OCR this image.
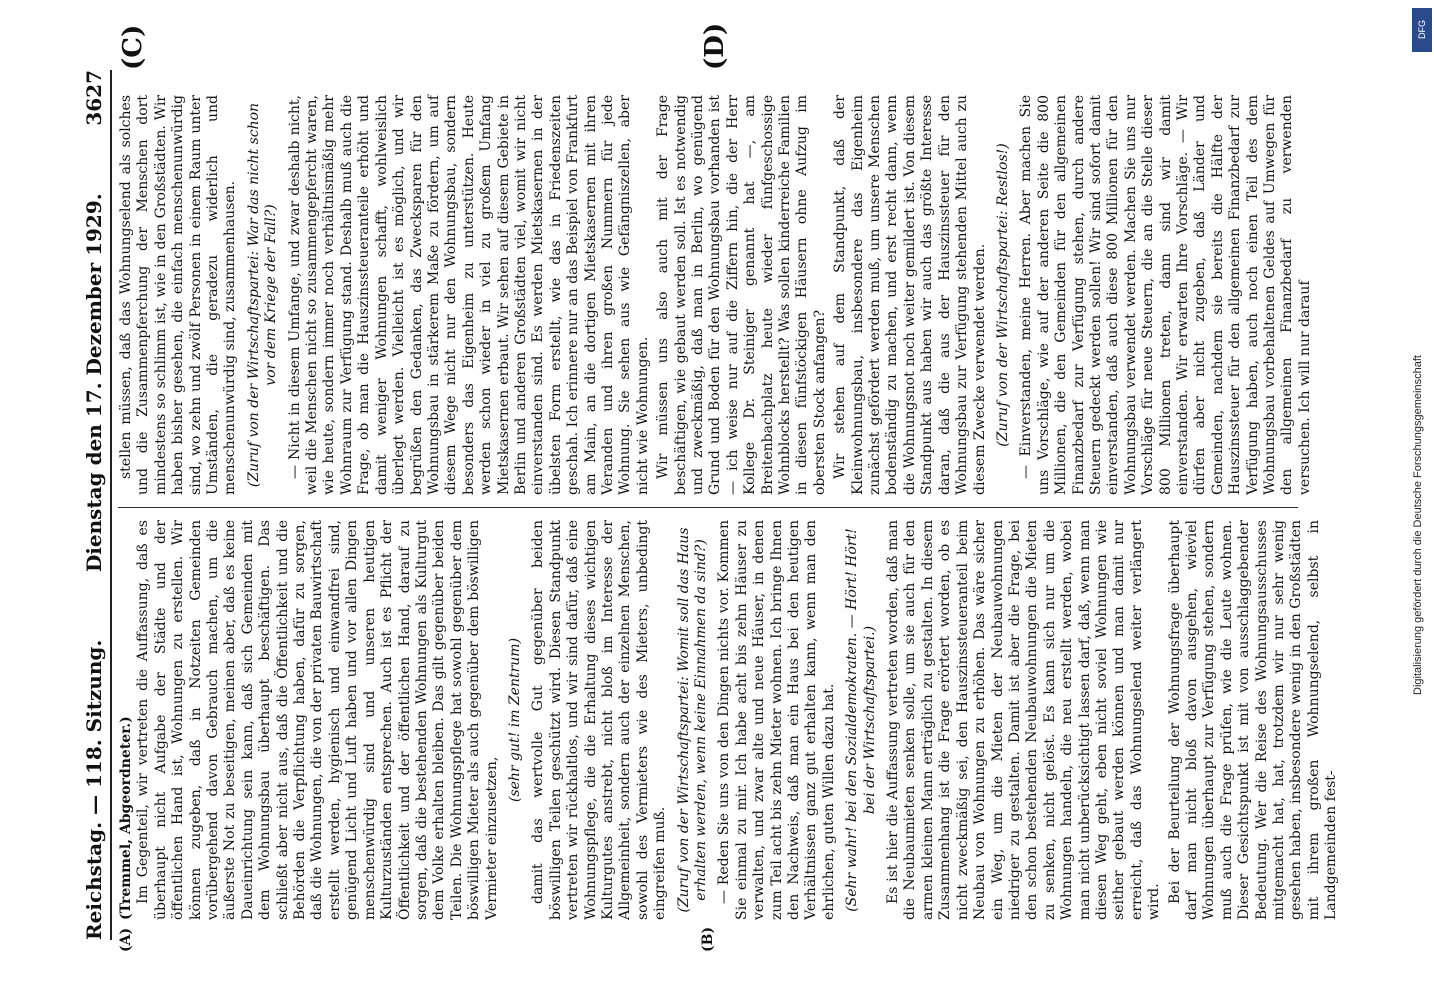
Reichstag. — 118. Sitzung.
Dienstag den 17. Dezember 1929.
3627
(A)	(B)
(C)	(D)
(Tremmel, Abgeordneter.) Im Gegenteil, wir vertreten die Auffassung, daß es überhaupt nicht Aufgabe der Städte und der öffentlichen Hand ist, Wohnungen zu erstellen. Wir können zugeben, daß in Notzeiten Gemeinden vorübergehend davon Gebrauch machen, um die äußerste Not zu beseitigen, meinen aber, daß es keine Daueinrichtung sein kann, daß sich Gemeinden mit dem Wohnungsbau überhaupt beschäftigen. Das schließt aber nicht aus, daß die Öffentlichkeit und die Behörden die Verpflichtung haben, dafür zu sorgen, daß die Wohnungen, die von der privaten Bauwirtschaft erstellt werden, hygienisch und einwandfrei sind, genügend Licht und Luft haben und vor allen Dingen menschenwürdig sind und unseren heutigen Kulturzuständen entsprechen. Auch ist es Pflicht der Öffentlichkeit und der öffentlichen Hand, darauf zu sorgen, daß die bestehenden Wohnungen als Kulturgut dem Volke erhalten bleiben. Das gilt gegenüber beiden Teilen. Die Wohnungspflege hat sowohl gegenüber dem böswilligen Mieter als auch gegenüber dem böswilligen Vermieter einzusetzen,

(sehr gut! im Zentrum) damit das wertvolle Gut gegenüber beiden böswilligen Teilen geschützt wird. Diesen Standpunkt vertreten wir rückhaltlos, und wir sind dafür, daß eine Wohnungspflege, die die Erhaltung dieses wichtigen Kulturgutes anstrebt, nicht bloß im Interesse der Allgemeinheit, sondern auch der einzelnen Menschen, sowohl des Vermieters wie des Mieters, unbedingt eingreifen muß. (Zuruf von der Wirtschaftspartei: Womit soll das Haus erhalten werden, wenn keine Einnahmen da sind?) — Reden Sie uns von den Dingen nichts vor. Kommen Sie einmal zu mir. Ich habe acht bis zehn Häuser zu verwalten, und zwar alte und neue Häuser, in denen zum Teil acht bis zehn Mieter wohnen. Ich bringe Ihnen den Nachweis, daß man ein Haus bei den heutigen Verhältnissen ganz gut erhalten kann, wenn man den ehrlichen, guten Willen dazu hat. (Sehr wahr! bei den Sozialdemokraten. — Hört! Hört! bei der Wirtschaftspartei.) Es ist hier die Auffassung vertreten worden, daß man die Neubaumieten senken solle, um sie auch für den armen kleinen Mann erträglich zu gestalten. In diesem Zusammenhang ist die Frage erörtert worden, ob es nicht zweckmäßig sei, den Hauszinssteueranteil beim Neubau von Wohnungen zu erhöhen. Das wäre sicher ein Weg, um die Mieten der Neubauwohnungen niedriger zu gestalten. Damit ist aber die Frage, bei den schon bestehenden Neubauwohnungen die Mieten zu senken, nicht gelöst. Es kann sich nur um die Wohnungen handeln, die neu erstellt werden, wobei man nicht unberücksichtigt lassen darf, daß, wenn man diesen Weg geht, eben nicht soviel Wohnungen wie seither gebaut werden können und man damit nur erreicht, daß das Wohnungselend weiter verlängert wird. Bei der Beurteilung der Wohnungsfrage überhaupt darf man nicht bloß davon ausgehen, wieviel Wohnungen überhaupt zur Verfügung stehen, sondern muß auch die Frage prüfen, wie die Leute wohnen. Dieser Gesichtspunkt ist mit von ausschlaggebender Bedeutung. Wer die Reise des Wohnungsausschusses mitgemacht hat, hat, trotzdem wir nur sehr wenig gesehen haben, insbesondere wenig in den Großstädten mit ihrem großen Wohnungselend, selbst in Landgemeinden fest-

stellen müssen, daß das Wohnungselend als solches und die Zusammenpferchung der Menschen dort mindestens so schlimm ist, wie in den Großstädten. Wir haben bisher gesehen, die einfach menschenunwürdig sind, wo zehn und zwölf Personen in einem Raum unter Umständen, die geradezu widerlich und menschenunwürdig sind, zusammenhausen. (Zuruf von der Wirtschaftspartei: War das nicht schon vor dem Kriege der Fall?) — Nicht in diesem Umfange, und zwar deshalb nicht, weil die Menschen nicht so zusammengepfercht waren, wie heute, sondern immer noch verhältnismäßig mehr Wohnraum zur Verfügung stand. Deshalb muß auch die Frage, ob man die Hauszinssteueranteile erhöht und damit weniger Wohnungen schafft, wohlweislich überlegt werden. Vielleicht ist es möglich, und wir begrüßen den Gedanken, das Zwecksparen für den Wohnungsbau in stärkerem Maße zu fördern, um auf diesem Wege nicht nur den Wohnungsbau, sondern besonders das Eigenheim zu unterstützen. Heute werden schon wieder in viel zu großem Umfang Mietskasernen erbaut. Wir sehen auf diesem Gebiete in Berlin und anderen Großstädten viel, womit wir nicht einverstanden sind. Es werden Mietskasernen in der übelsten Form erstellt, wie das in Friedenszeiten geschah. Ich erinnere nur an das Beispiel von Frankfurt am Main, an die dortigen Mietskasernen mit ihren Veranden und ihren großen Nummern für jede Wohnung. Sie sehen aus wie Gefängniszellen, aber nicht wie Wohnungen. Wir müssen uns also auch mit der Frage beschäftigen, wie gebaut werden soll. Ist es notwendig und zweckmäßig, daß man in Berlin, wo genügend Grund und Boden für den Wohnungsbau vorhanden ist — ich weise nur auf die Ziffern hin, die der Herr Kollege Dr. Steiniger genannt hat —, am Breitenbachplatz heute wieder fünfgeschossige Wohnblocks herstellt? Was sollen kinderreiche Familien in diesen fünfstöckigen Häusern ohne Aufzug im obersten Stock anfangen? Wir stehen auf dem Standpunkt, daß der Kleinwohnungsbau, insbesondere das Eigenheim zunächst gefördert werden muß, um unsere Menschen bodenständig zu machen, und erst recht dann, wenn die Wohnungsnot noch weiter gemildert ist. Von diesem Standpunkt aus haben wir auch das größte Interesse daran, daß die aus der Hauszinssteuer für den Wohnungsbau zur Verfügung stehenden Mittel auch zu diesem Zwecke verwendet werden. (Zuruf von der Wirtschaftspartei: Restlos!) — Einverstanden, meine Herren. Aber machen Sie uns Vorschläge, wie auf der anderen Seite die 800 Millionen, die den Gemeinden für den allgemeinen Finanzbedarf zur Verfügung stehen, durch andere Steuern gedeckt werden sollen! Wir sind sofort damit einverstanden, daß auch diese 800 Millionen für den Wohnungsbau verwendet werden. Machen Sie uns nur Vorschläge für neue Steuern, die an die Stelle dieser 800 Millionen treten, dann sind wir damit einverstanden. Wir erwarten Ihre Vorschläge. — Wir dürfen aber nicht zugeben, daß Länder und Gemeinden, nachdem sie bereits die Hälfte der Hauszinssteuer für den allgemeinen Finanzbedarf zur Verfügung haben, auch noch einen Teil des dem Wohnungsbau vorbehaltenen Geldes auf Umwegen für den allgemeinen Finanzbedarf zu verwenden versuchen. Ich will nur darauf

DFG
Digitalisierung gefördert durch die Deutsche Forschungsgemeinschaft
